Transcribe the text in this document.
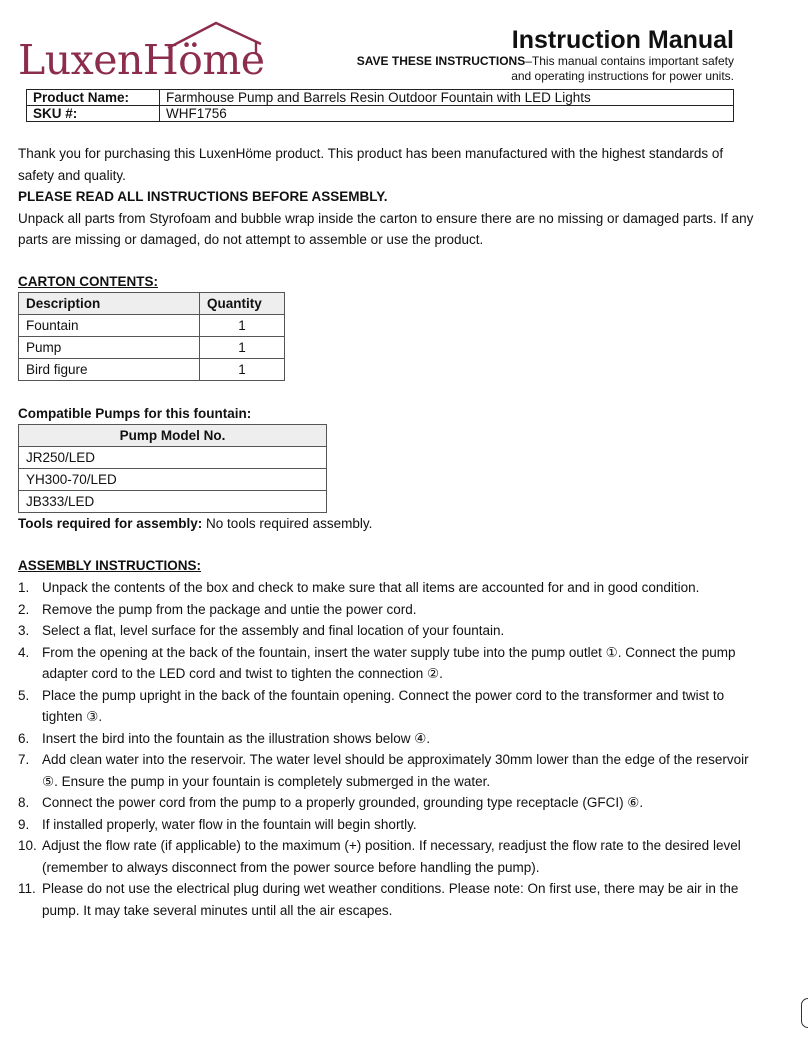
LuxenHöme	Instruction Manual
SAVE THESE INSTRUCTIONS–This manual contains important safety and operating instructions for power units.
Product Name:	Farmhouse Pump and Barrels Resin Outdoor Fountain with LED Lights
SKU #:	WHF1756

Thank you for purchasing this LuxenHöme product. This product has been manufactured with the highest standards of safety and quality.

PLEASE READ ALL INSTRUCTIONS BEFORE ASSEMBLY.

Unpack all parts from Styrofoam and bubble wrap inside the carton to ensure there are no missing or damaged parts. If any parts are missing or damaged, do not attempt to assemble or use the product.

CARTON CONTENTS:

Description	Quantity
Fountain	1
Pump	1
Bird figure	1

Compatible Pumps for this fountain:

Pump Model No.
JR250/LED
YH300-70/LED
JB333/LED

Tools required for assembly: No tools required assembly.

ASSEMBLY INSTRUCTIONS:

1. Unpack the contents of the box and check to make sure that all items are accounted for and in good condition.
2. Remove the pump from the package and untie the power cord.
3. Select a flat, level surface for the assembly and final location of your fountain.
4. From the opening at the back of the fountain, insert the water supply tube into the pump outlet ①. Connect the pump adapter cord to the LED cord and twist to tighten the connection ②.
5. Place the pump upright in the back of the fountain opening. Connect the power cord to the transformer and twist to tighten ③.
6. Insert the bird into the fountain as the illustration shows below ④.
7. Add clean water into the reservoir. The water level should be approximately 30mm lower than the edge of the reservoir ⑤. Ensure the pump in your fountain is completely submerged in the water.
8. Connect the power cord from the pump to a properly grounded, grounding type receptacle (GFCI) ⑥.
9. If installed properly, water flow in the fountain will begin shortly.
10. Adjust the flow rate (if applicable) to the maximum (+) position. If necessary, readjust the flow rate to the desired level (remember to always disconnect from the power source before handling the pump).
11. Please do not use the electrical plug during wet weather conditions. Please note: On first use, there may be air in the pump. It may take several minutes until all the air escapes.
